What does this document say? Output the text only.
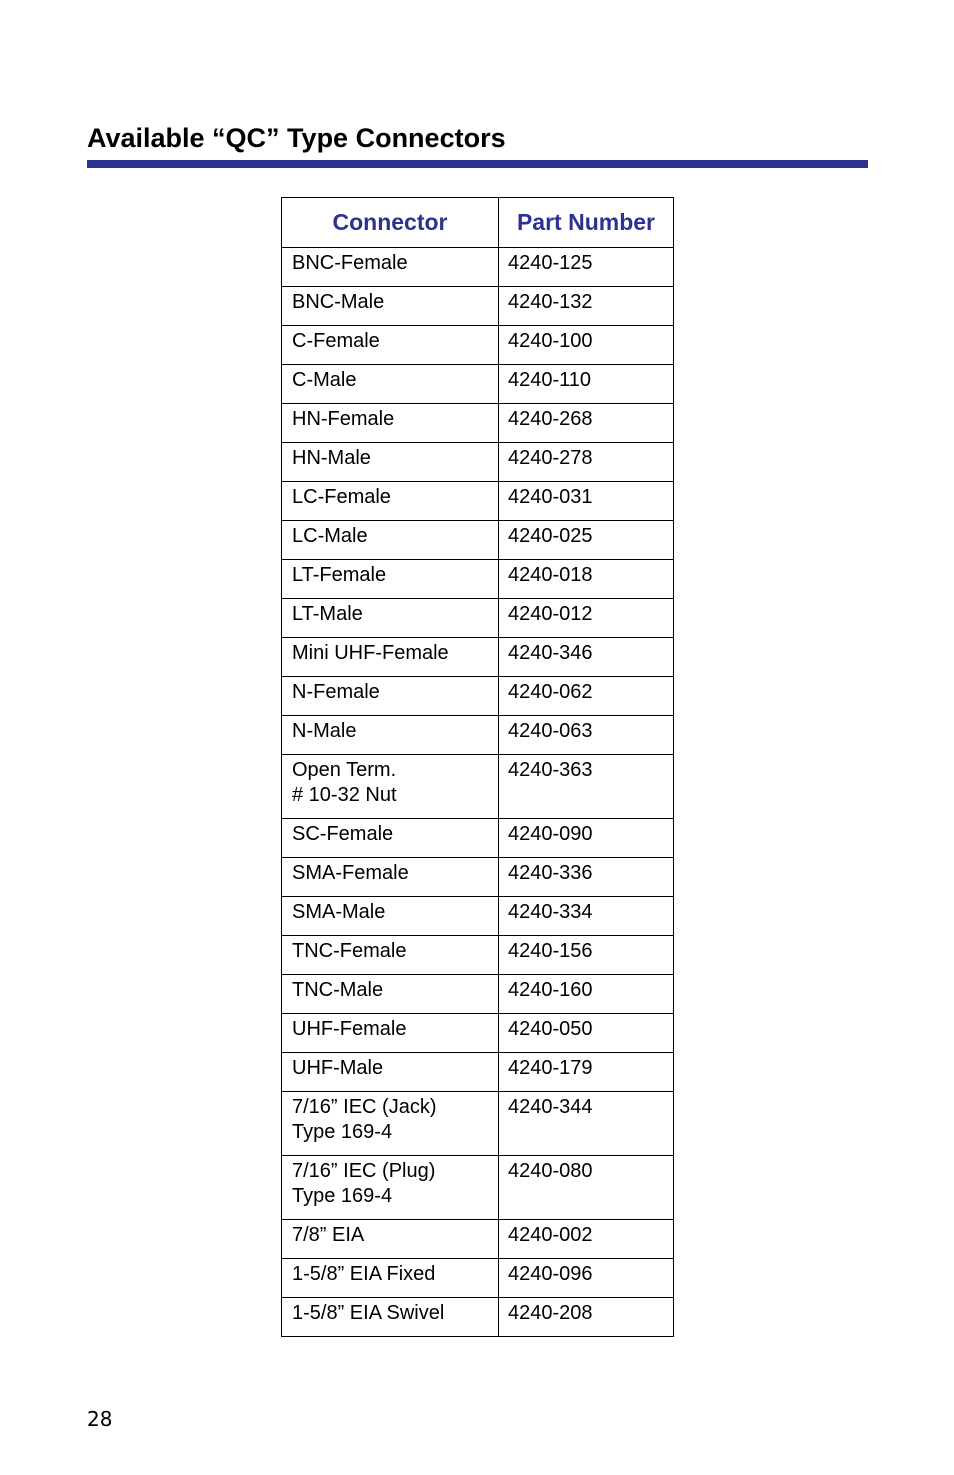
Available “QC” Type Connectors
Connector	Part Number

BNC-Female	4240-125

BNC-Male	4240-132

C-Female	4240-100

C-Male	4240-110

HN-Female	4240-268

HN-Male	4240-278

LC-Female	4240-031

LC-Male	4240-025

LT-Female	4240-018

LT-Male	4240-012

Mini UHF-Female	4240-346

N-Female	4240-062

N-Male	4240-063

Open Term.
# 10-32 Nut	4240-363

SC-Female	4240-090

SMA-Female	4240-336

SMA-Male	4240-334

TNC-Female	4240-156

TNC-Male	4240-160

UHF-Female	4240-050

UHF-Male	4240-179

7/16” IEC (Jack)
Type 169-4	4240-344

7/16” IEC (Plug)
Type 169-4	4240-080

7/8” EIA	4240-002

1-5/8” EIA Fixed	4240-096

1-5/8” EIA Swivel	4240-208
28
